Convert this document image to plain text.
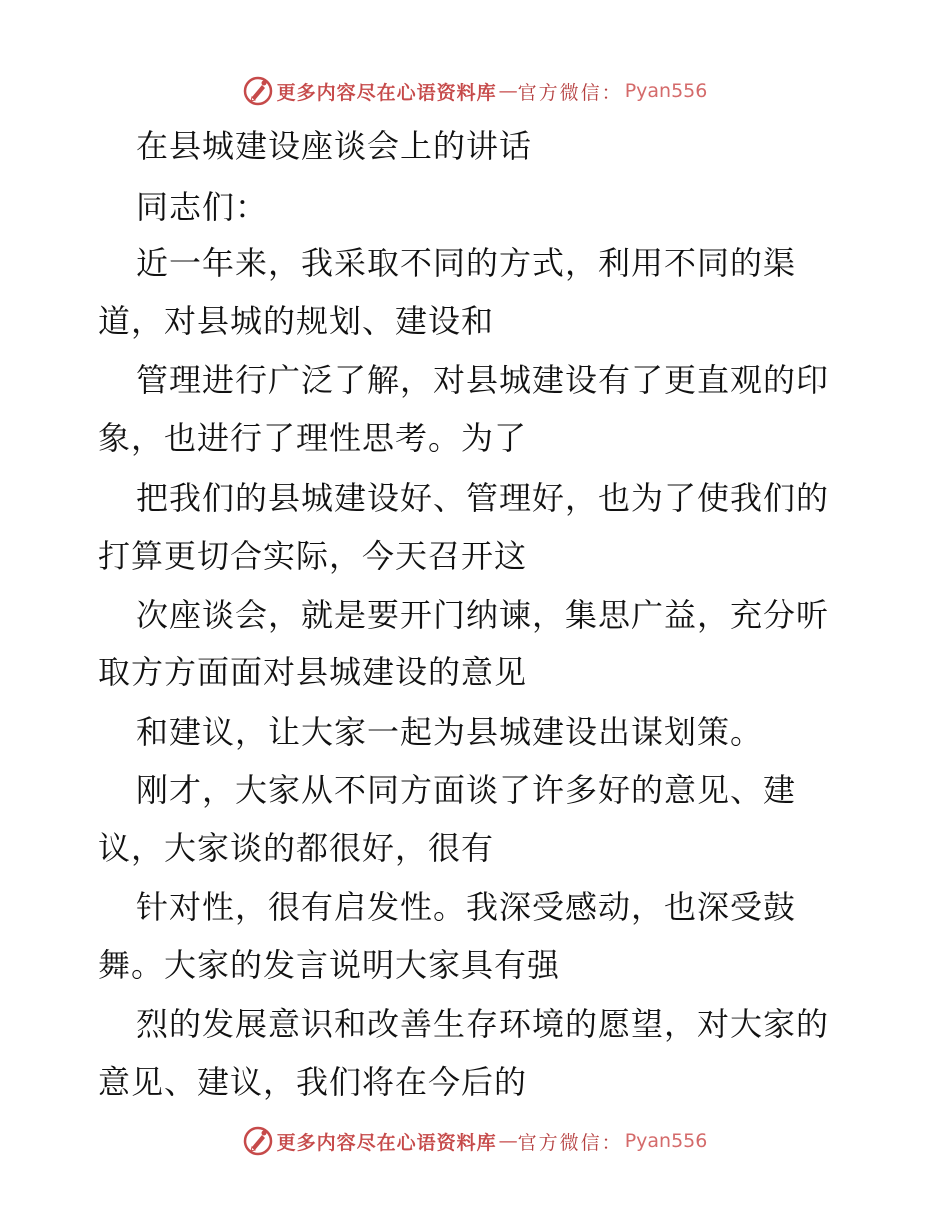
更多内容尽在心语资料库 — 官方微信： Pyan556
在县城建设座谈会上的讲话
同志们：
近一年来，我采取不同的方式，利用不同的渠
道，对县城的规划、建设和
管理进行广泛了解，对县城建设有了更直观的印
象，也进行了理性思考。为了
把我们的县城建设好、管理好，也为了使我们的
打算更切合实际，今天召开这
次座谈会，就是要开门纳谏，集思广益，充分听
取方方面面对县城建设的意见
和建议，让大家一起为县城建设出谋划策。
刚才，大家从不同方面谈了许多好的意见、建
议，大家谈的都很好，很有
针对性，很有启发性。我深受感动，也深受鼓
舞。大家的发言说明大家具有强
烈的发展意识和改善生存环境的愿望，对大家的
意见、建议，我们将在今后的
更多内容尽在心语资料库 — 官方微信： Pyan556
